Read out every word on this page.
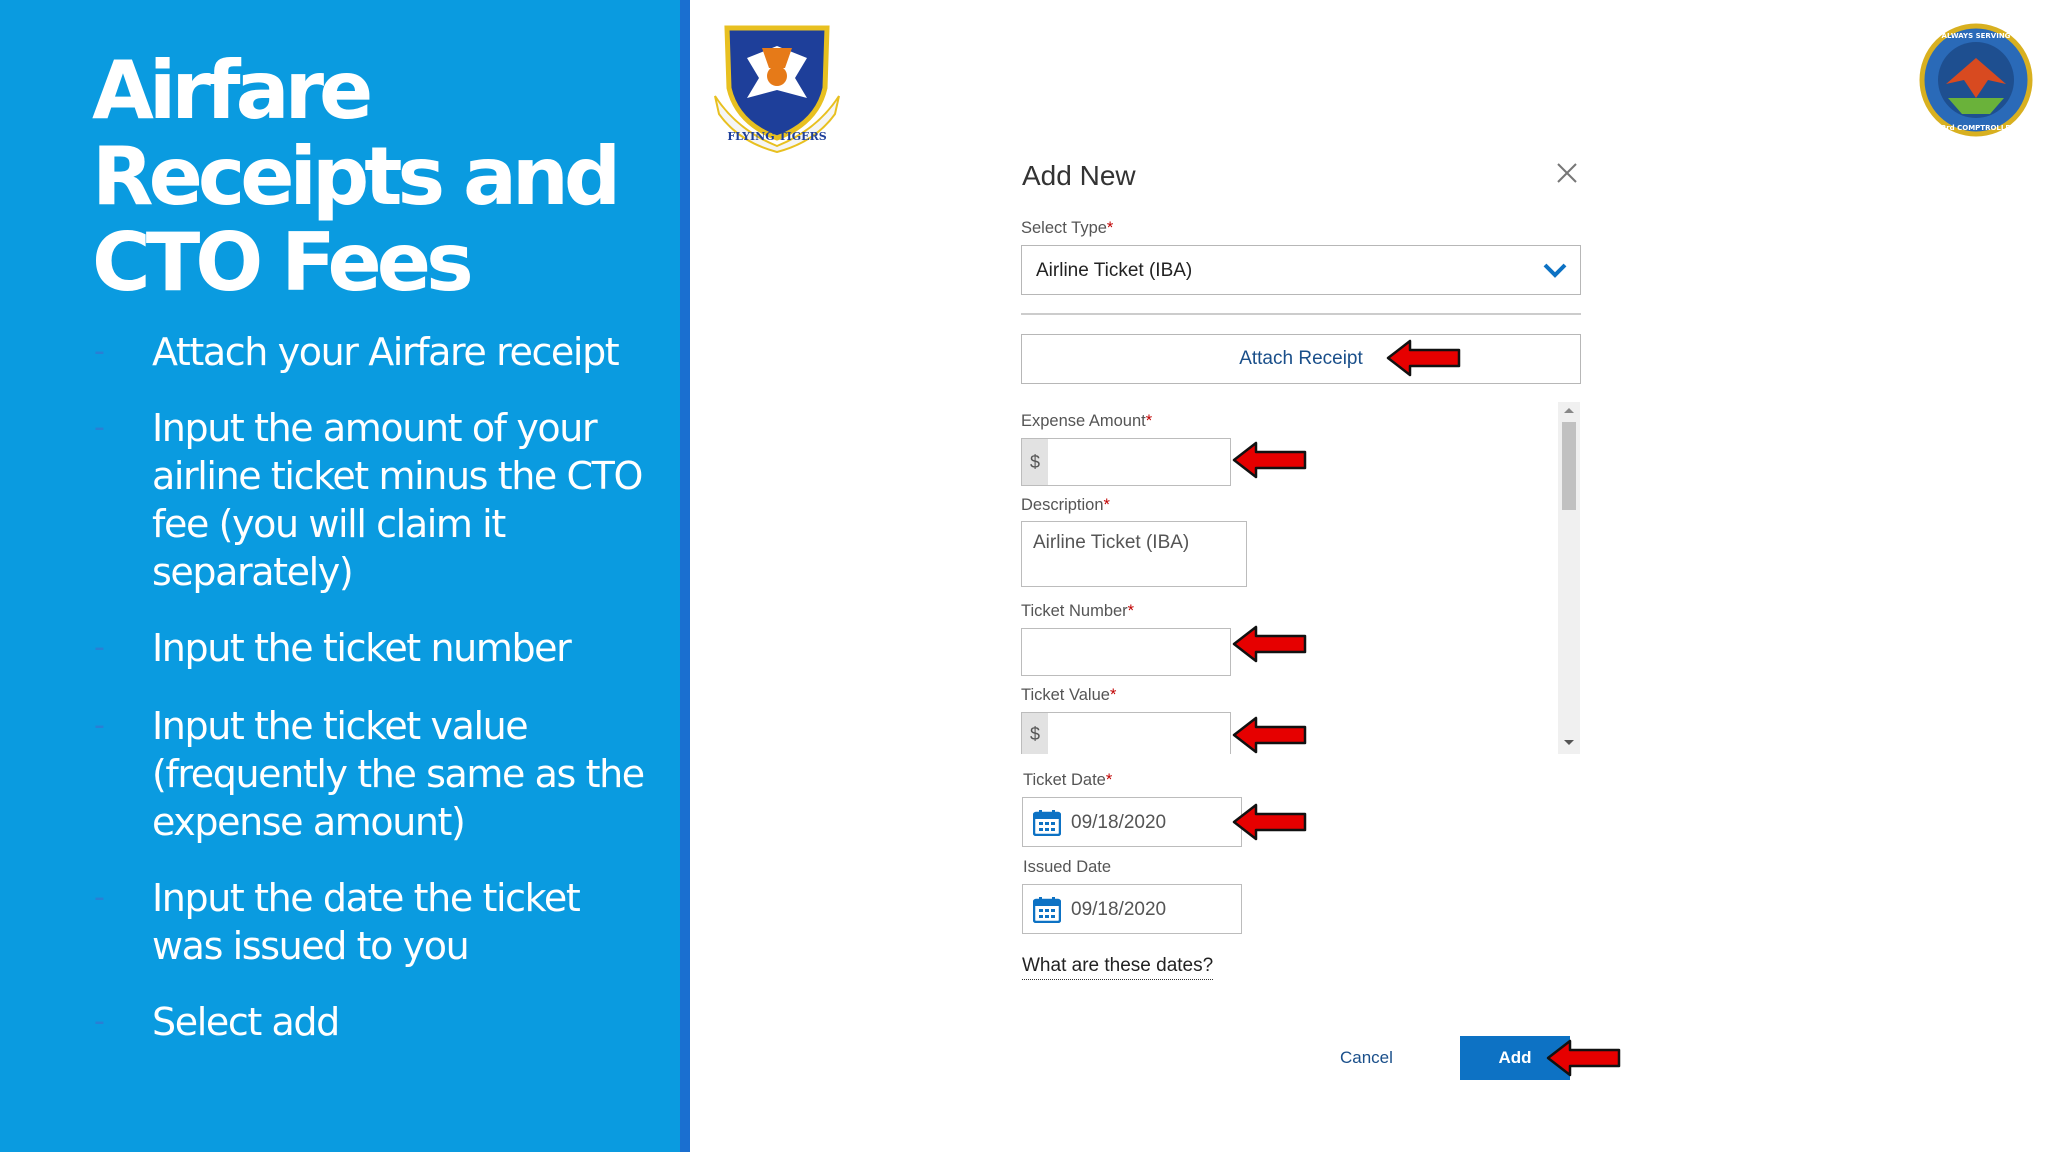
Airfare
Receipts and
CTO Fees
- Attach your Airfare receipt
- Input the amount of your airline ticket minus the CTO fee (you will claim it separately)
- Input the ticket number
- Input the ticket value (frequently the same as the expense amount)
- Input the date the ticket was issued to you
- Select add
FLYING TIGERS
ALWAYS SERVING
23rd COMPTROLLER
Add New
Select Type*
Airline Ticket (IBA)
Attach Receipt
Expense Amount*
$
Description*
Airline Ticket (IBA)
Ticket Number*
Ticket Value*
$
Ticket Date*
09/18/2020
Issued Date
09/18/2020
What are these dates?
Cancel	Add
